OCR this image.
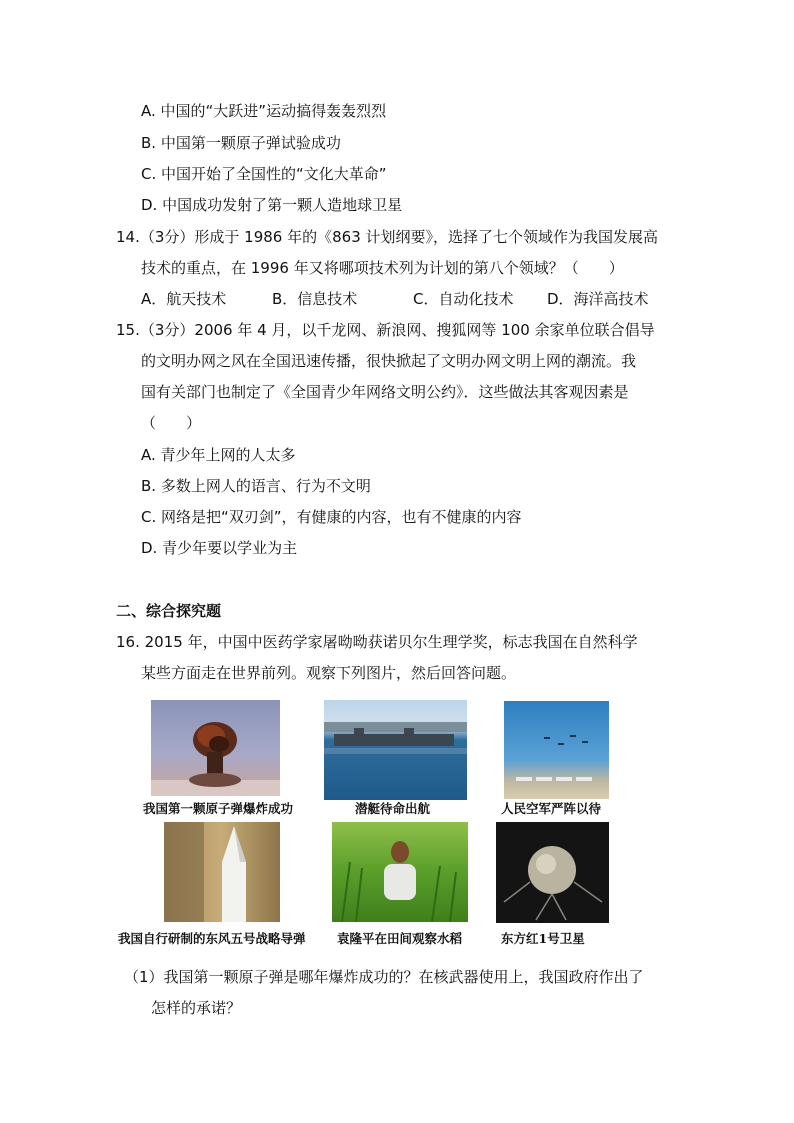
A. 中国的“大跃进”运动搞得轰轰烈烈
B. 中国第一颗原子弹试验成功
C. 中国开始了全国性的“文化大革命”
D. 中国成功发射了第一颗人造地球卫星
14.（3分）形成于 1986 年的《863 计划纲要》，选择了七个领域作为我国发展高
技术的重点，在 1996 年又将哪项技术列为计划的第八个领域？（　　）
A．航天技术	B．信息技术	C．自动化技术 D．海洋高技术
15.（3分）2006 年 4 月，以千龙网、新浪网、搜狐网等 100 余家单位联合倡导
的文明办网之风在全国迅速传播，很快掀起了文明办网文明上网的潮流。我
国有关部门也制定了《全国青少年网络文明公约》．这些做法其客观因素是
（　　）
A. 青少年上网的人太多
B. 多数上网人的语言、行为不文明
C. 网络是把“双刃剑”，有健康的内容，也有不健康的内容
D. 青少年要以学业为主
二、综合探究题
16. 2015 年，中国中医药学家屠呦呦获诺贝尔生理学奖，标志我国在自然科学
某些方面走在世界前列。观察下列图片，然后回答问题。
我国第一颗原子弹爆炸成功	潜艇待命出航	人民空军严阵以待
我国自行研制的东风五号战略导弹	袁隆平在田间观察水稻	东方红1号卫星
（1）我国第一颗原子弹是哪年爆炸成功的？在核武器使用上，我国政府作出了
怎样的承诺？
